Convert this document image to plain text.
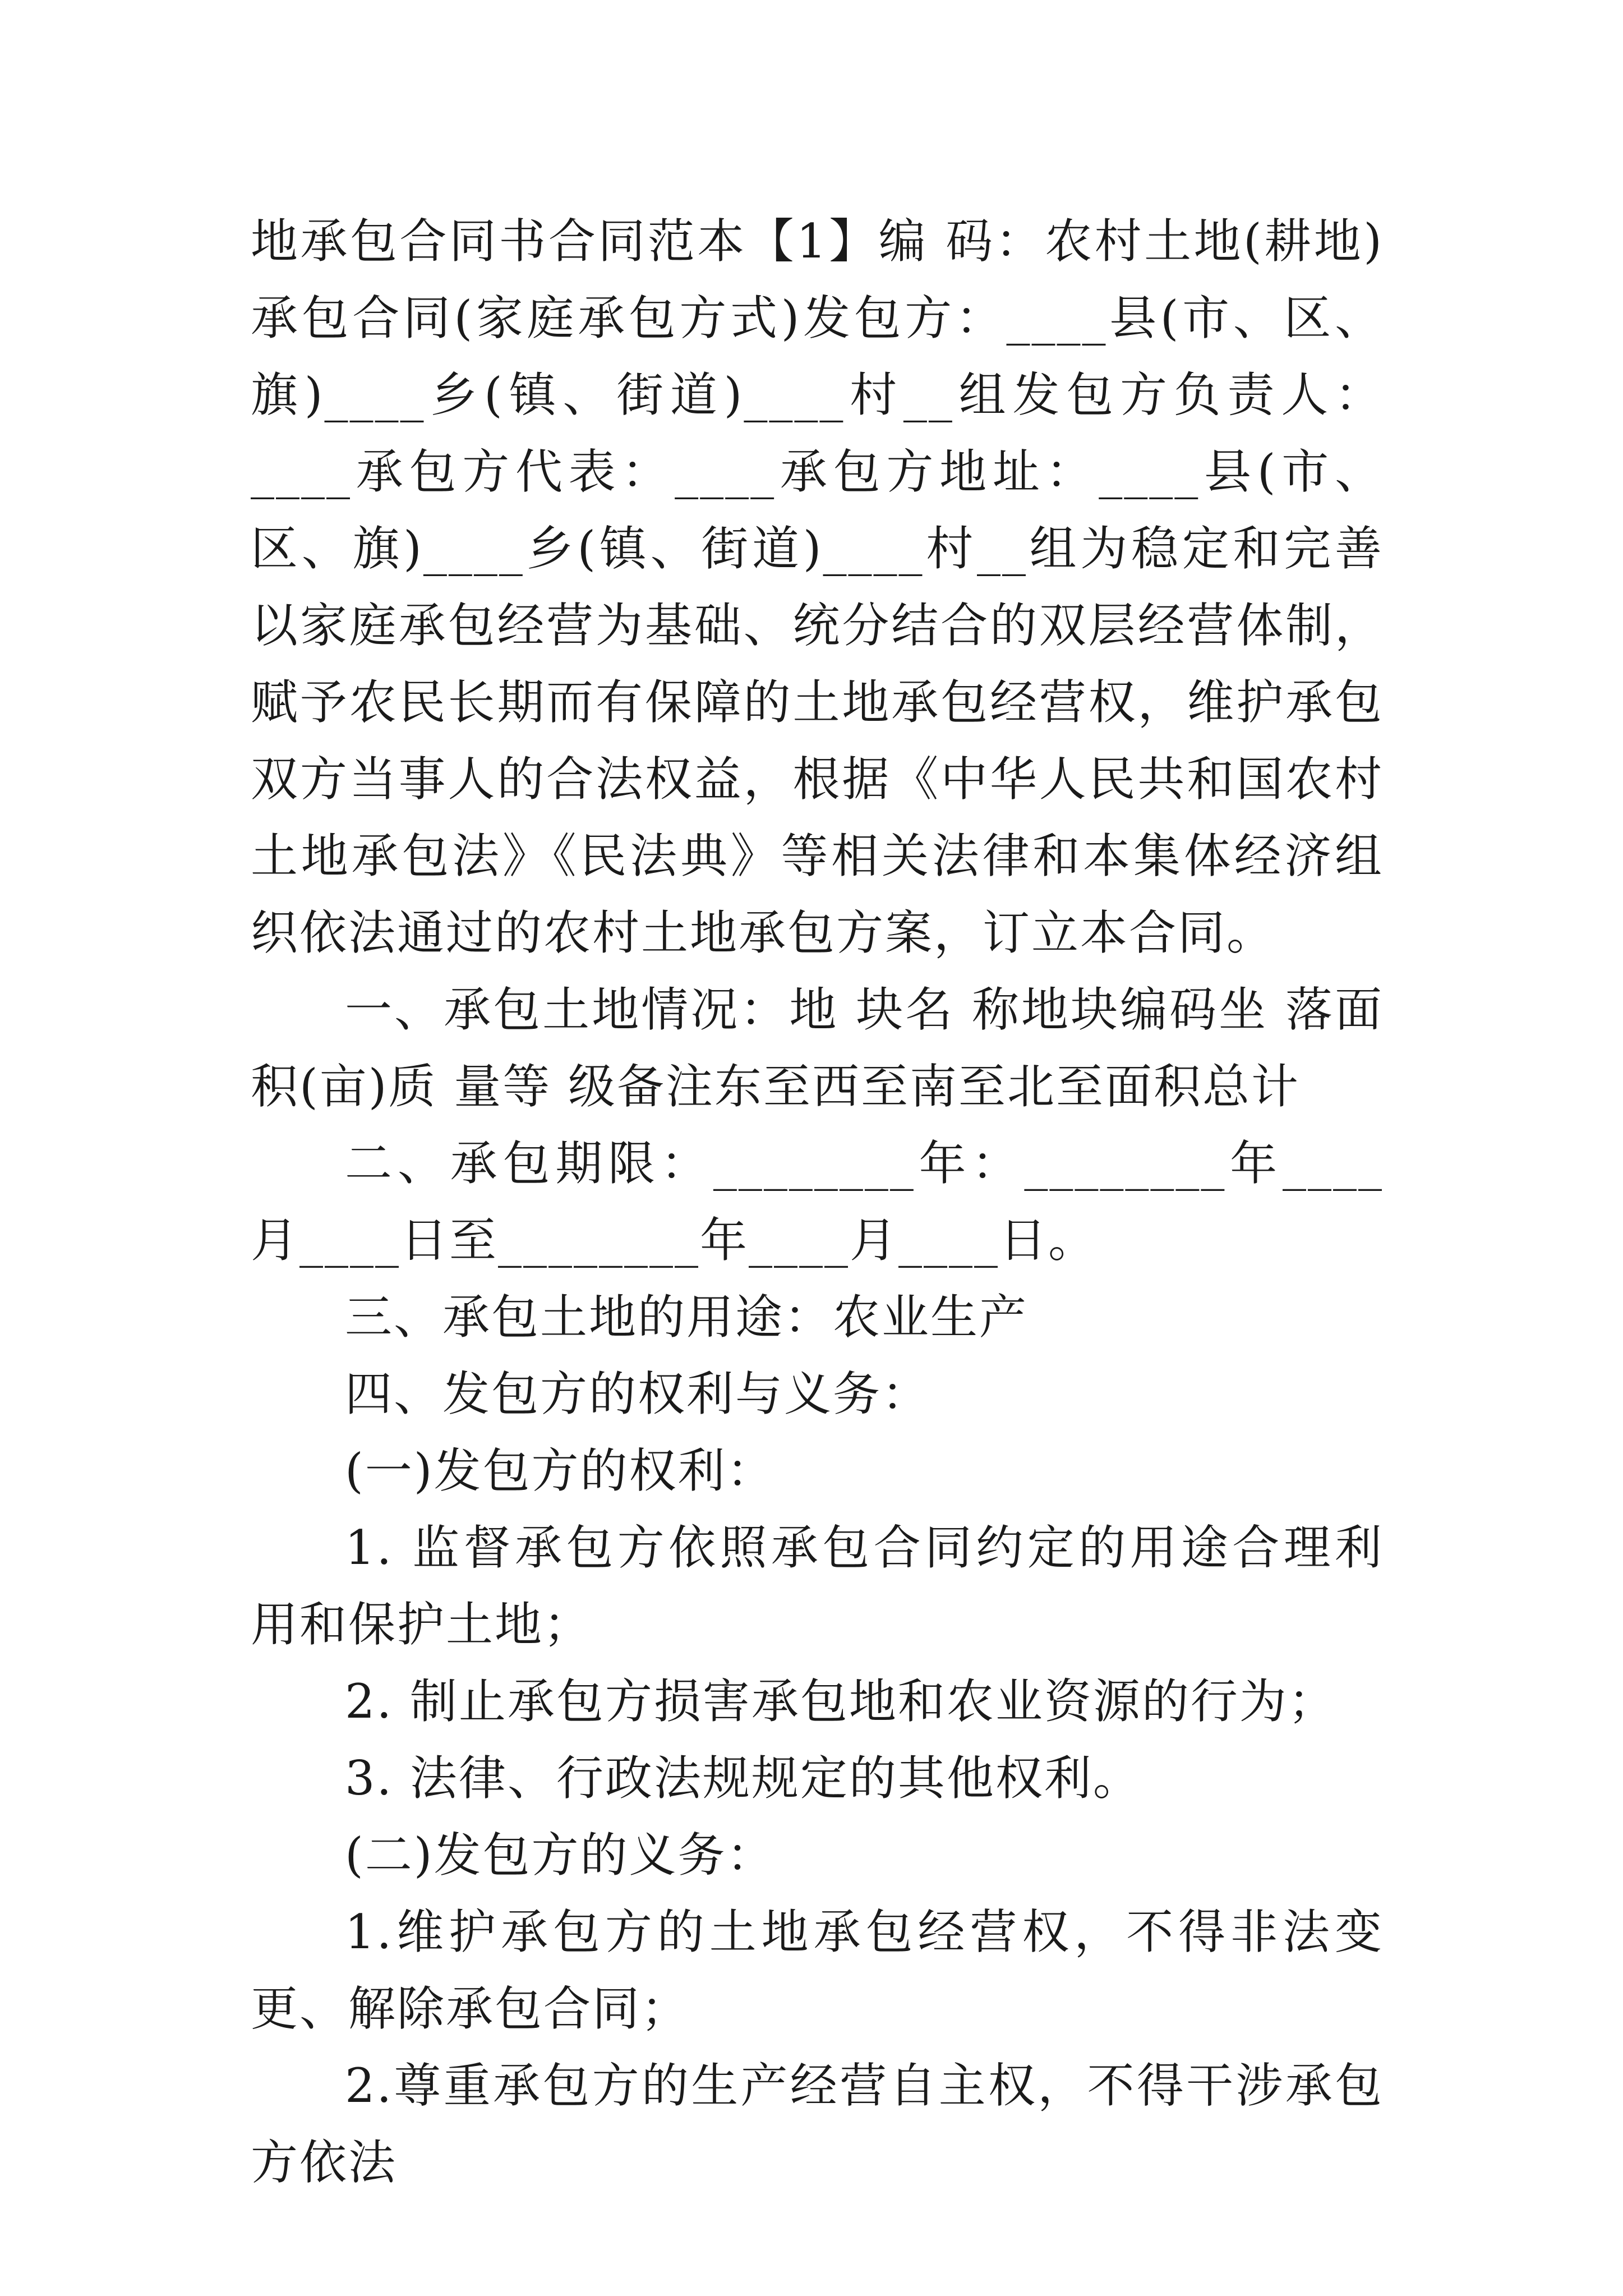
地承包合同书合同范本【1】编 码：农村土地(耕地)承包合同(家庭承包方式)发包方：____县(市、区、旗)____乡(镇、街道)____村__组发包方负责人：____承包方代表：____承包方地址：____县(市、区、旗)____乡(镇、街道)____村__组为稳定和完善以家庭承包经营为基础、统分结合的双层经营体制，赋予农民长期而有保障的土地承包经营权，维护承包双方当事人的合法权益，根据《中华人民共和国农村土地承包法》《民法典》等相关法律和本集体经济组织依法通过的农村土地承包方案，订立本合同。

一、承包土地情况：地 块名 称地块编码坐 落面 积(亩)质 量等 级备注东至西至南至北至面积总计

二、承包期限：________年：________年____月____日至________年____月____日。

三、承包土地的用途：农业生产

四、发包方的权利与义务：

(一)发包方的权利：

1. 监督承包方依照承包合同约定的用途合理利用和保护土地；

2. 制止承包方损害承包地和农业资源的行为；

3. 法律、行政法规规定的其他权利。

(二)发包方的义务：

1.维护承包方的土地承包经营权，不得非法变更、解除承包合同；

2.尊重承包方的生产经营自主权，不得干涉承包方依法
